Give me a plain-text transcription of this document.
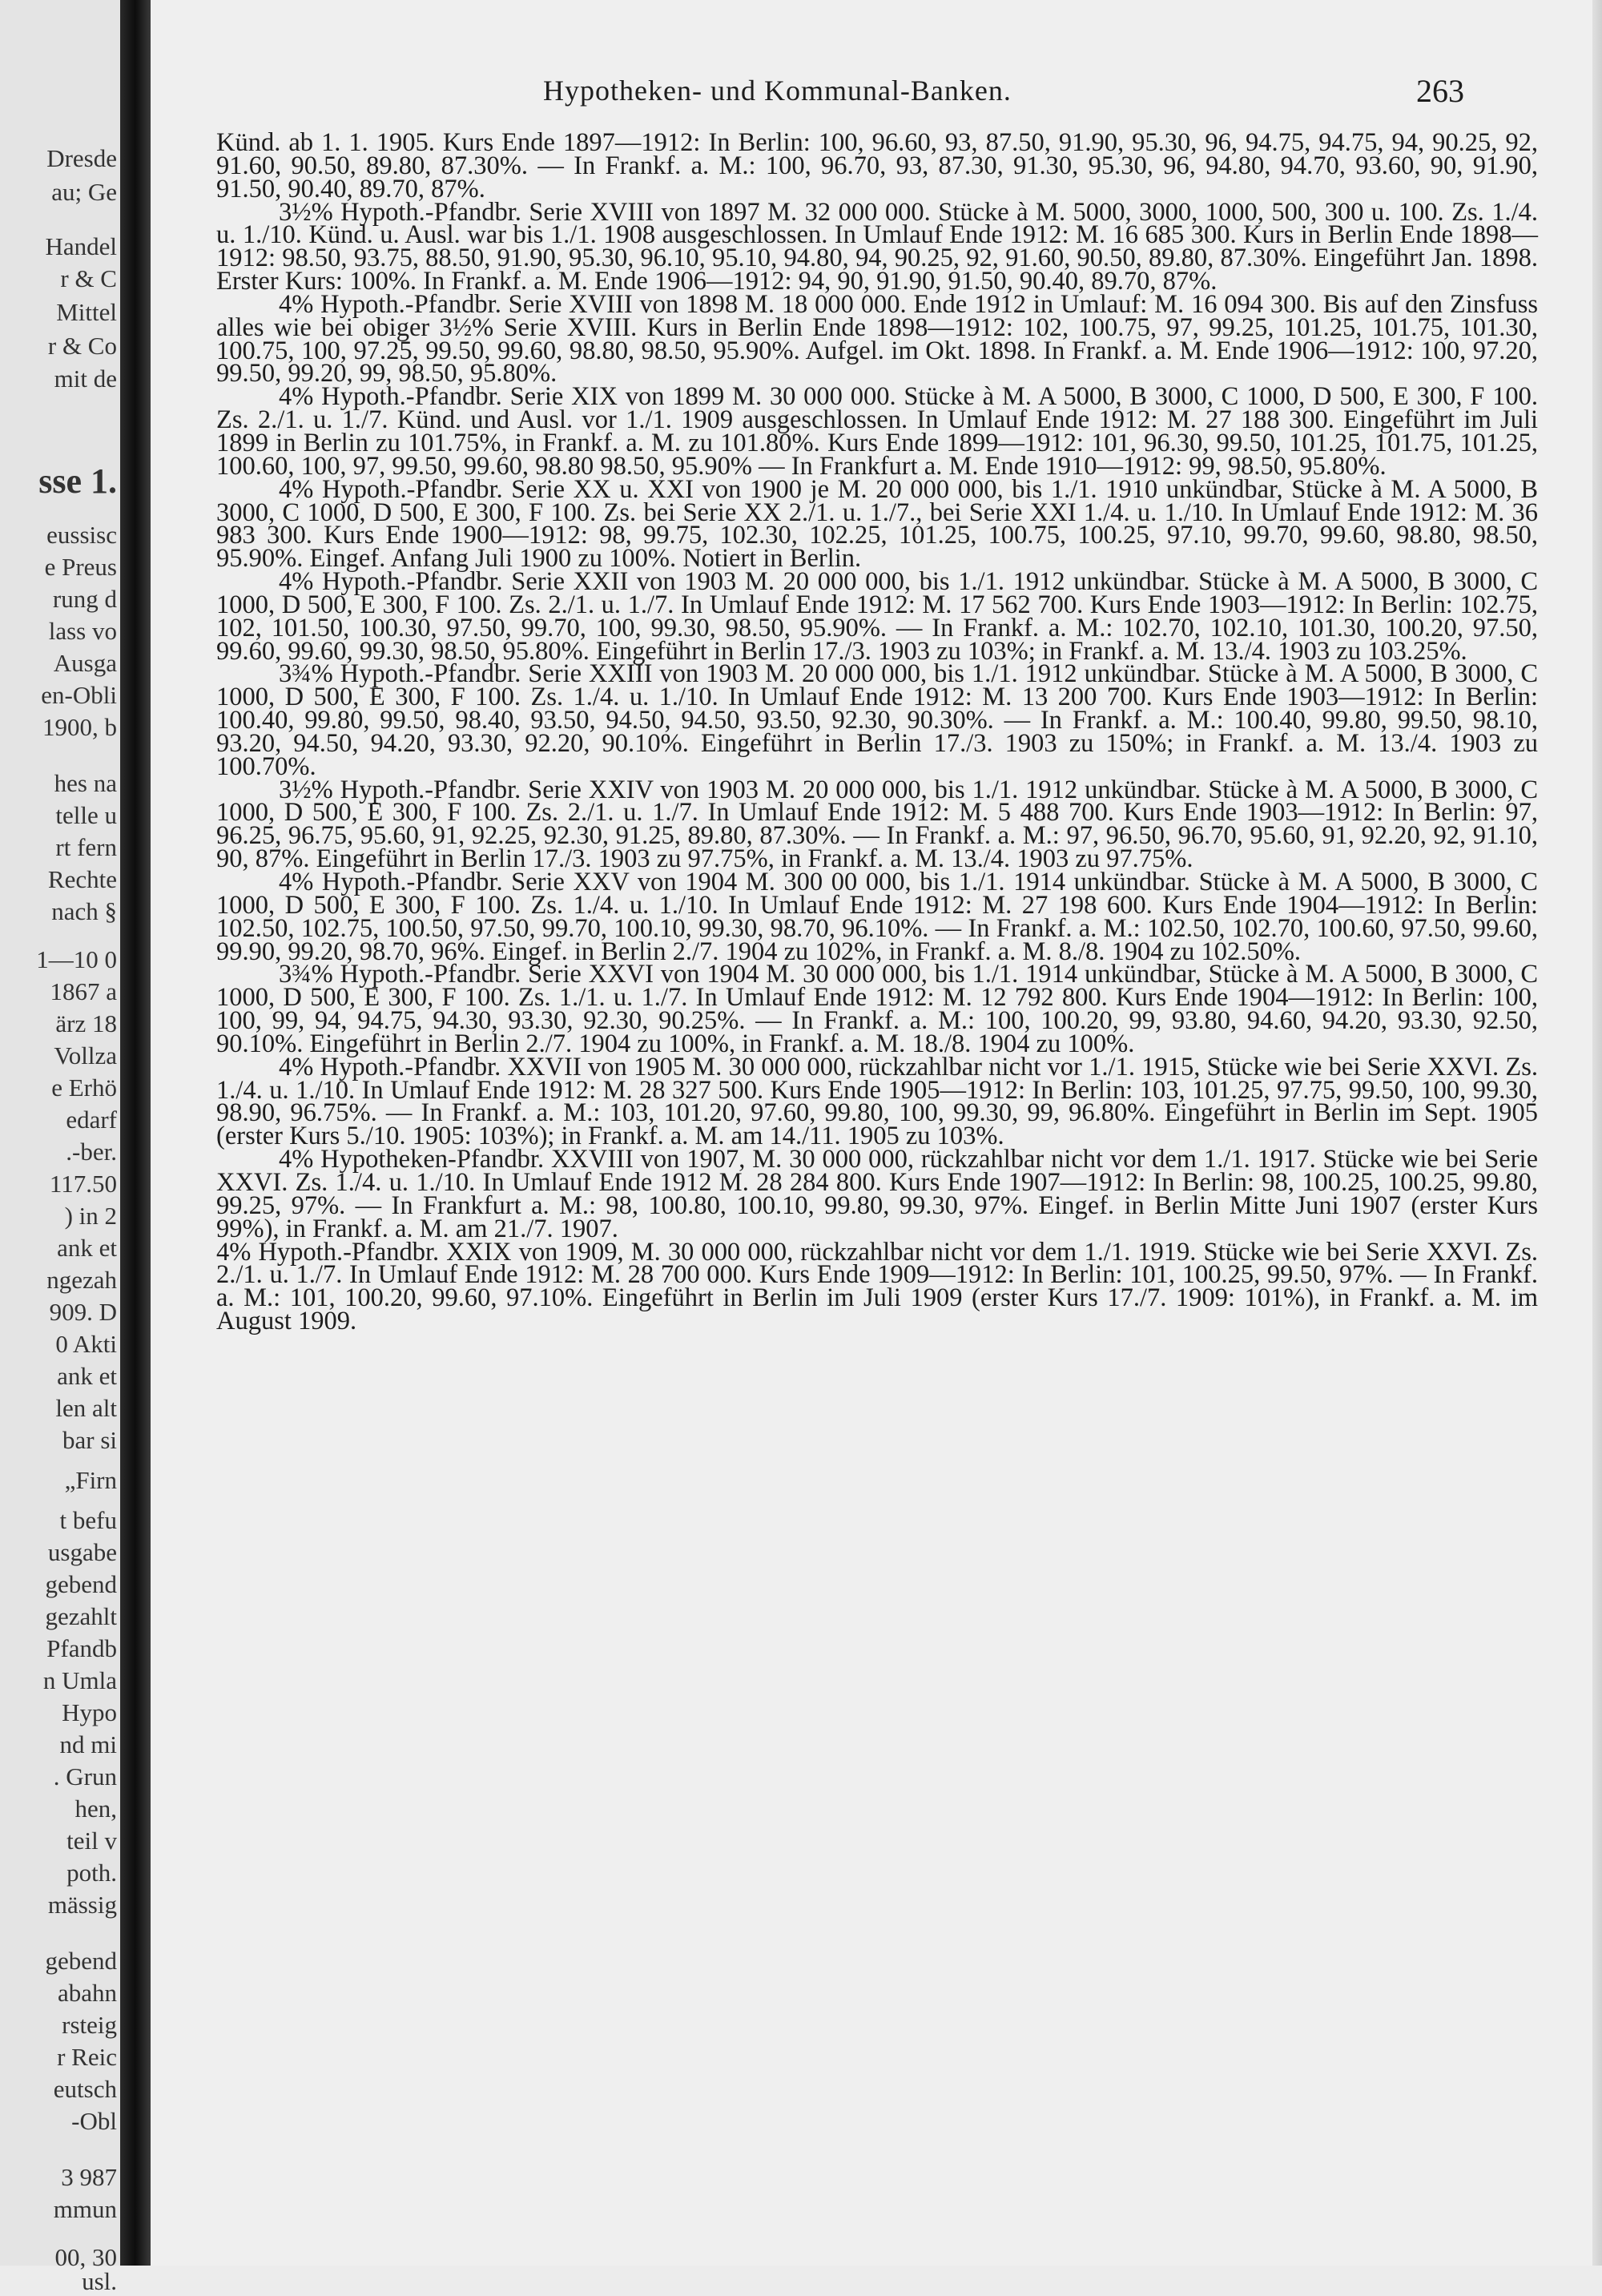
Dresde
au; Ge
Handel
r & C
Mittel
r & Co
mit de
sse 1.
eussisc
e Preus
rung d
lass vo
Ausga
en-Obli
1900, b
hes na
telle u
rt fern
Rechte
nach §
1—10 0
1867 a
ärz 18
Vollza
e Erhö
edarf
.-ber.
117.50
) in 2
ank et
ngezah
909. D
0 Akti
ank et
len alt
bar si
„Firn
t befu
usgabe
gebend
gezahlt
Pfandb
n Umla
Hypo
nd mi
. Grun
hen,
teil v
poth.
mässig
gebend
abahn
rsteig
r Reic
eutsch
-Obl
3 987
mmun
00, 30
usl.
Hypotheken- und Kommunal-Banken.	263

Künd. ab 1. 1. 1905. Kurs Ende 1897—1912: In Berlin: 100, 96.60, 93, 87.50, 91.90, 95.30, 96, 94.75, 94.75, 94, 90.25, 92, 91.60, 90.50, 89.80, 87.30%. — In Frankf. a. M.: 100, 96.70, 93, 87.30, 91.30, 95.30, 96, 94.80, 94.70, 93.60, 90, 91.90, 91.50, 90.40, 89.70, 87%.

3½% Hypoth.-Pfandbr. Serie XVIII von 1897 M. 32 000 000. Stücke à M. 5000, 3000, 1000, 500, 300 u. 100. Zs. 1./4. u. 1./10. Künd. u. Ausl. war bis 1./1. 1908 ausgeschlossen. In Umlauf Ende 1912: M. 16 685 300. Kurs in Berlin Ende 1898—1912: 98.50, 93.75, 88.50, 91.90, 95.30, 96.10, 95.10, 94.80, 94, 90.25, 92, 91.60, 90.50, 89.80, 87.30%. Eingeführt Jan. 1898. Erster Kurs: 100%. In Frankf. a. M. Ende 1906—1912: 94, 90, 91.90, 91.50, 90.40, 89.70, 87%.

4% Hypoth.-Pfandbr. Serie XVIII von 1898 M. 18 000 000. Ende 1912 in Umlauf: M. 16 094 300. Bis auf den Zinsfuss alles wie bei obiger 3½% Serie XVIII. Kurs in Berlin Ende 1898—1912: 102, 100.75, 97, 99.25, 101.25, 101.75, 101.30, 100.75, 100, 97.25, 99.50, 99.60, 98.80, 98.50, 95.90%. Aufgel. im Okt. 1898. In Frankf. a. M. Ende 1906—1912: 100, 97.20, 99.50, 99.20, 99, 98.50, 95.80%.

4% Hypoth.-Pfandbr. Serie XIX von 1899 M. 30 000 000. Stücke à M. A 5000, B 3000, C 1000, D 500, E 300, F 100. Zs. 2./1. u. 1./7. Künd. und Ausl. vor 1./1. 1909 ausgeschlossen. In Umlauf Ende 1912: M. 27 188 300. Eingeführt im Juli 1899 in Berlin zu 101.75%, in Frankf. a. M. zu 101.80%. Kurs Ende 1899—1912: 101, 96.30, 99.50, 101.25, 101.75, 101.25, 100.60, 100, 97, 99.50, 99.60, 98.80 98.50, 95.90% — In Frankfurt a. M. Ende 1910—1912: 99, 98.50, 95.80%.

4% Hypoth.-Pfandbr. Serie XX u. XXI von 1900 je M. 20 000 000, bis 1./1. 1910 unkündbar, Stücke à M. A 5000, B 3000, C 1000, D 500, E 300, F 100. Zs. bei Serie XX 2./1. u. 1./7., bei Serie XXI 1./4. u. 1./10. In Umlauf Ende 1912: M. 36 983 300. Kurs Ende 1900—1912: 98, 99.75, 102.30, 102.25, 101.25, 100.75, 100.25, 97.10, 99.70, 99.60, 98.80, 98.50, 95.90%. Eingef. Anfang Juli 1900 zu 100%. Notiert in Berlin.

4% Hypoth.-Pfandbr. Serie XXII von 1903 M. 20 000 000, bis 1./1. 1912 unkündbar. Stücke à M. A 5000, B 3000, C 1000, D 500, E 300, F 100. Zs. 2./1. u. 1./7. In Umlauf Ende 1912: M. 17 562 700. Kurs Ende 1903—1912: In Berlin: 102.75, 102, 101.50, 100.30, 97.50, 99.70, 100, 99.30, 98.50, 95.90%. — In Frankf. a. M.: 102.70, 102.10, 101.30, 100.20, 97.50, 99.60, 99.60, 99.30, 98.50, 95.80%. Eingeführt in Berlin 17./3. 1903 zu 103%; in Frankf. a. M. 13./4. 1903 zu 103.25%.

3¾% Hypoth.-Pfandbr. Serie XXIII von 1903 M. 20 000 000, bis 1./1. 1912 unkündbar. Stücke à M. A 5000, B 3000, C 1000, D 500, E 300, F 100. Zs. 1./4. u. 1./10. In Umlauf Ende 1912: M. 13 200 700. Kurs Ende 1903—1912: In Berlin: 100.40, 99.80, 99.50, 98.40, 93.50, 94.50, 94.50, 93.50, 92.30, 90.30%. — In Frankf. a. M.: 100.40, 99.80, 99.50, 98.10, 93.20, 94.50, 94.20, 93.30, 92.20, 90.10%. Eingeführt in Berlin 17./3. 1903 zu 150%; in Frankf. a. M. 13./4. 1903 zu 100.70%.

3½% Hypoth.-Pfandbr. Serie XXIV von 1903 M. 20 000 000, bis 1./1. 1912 unkündbar. Stücke à M. A 5000, B 3000, C 1000, D 500, E 300, F 100. Zs. 2./1. u. 1./7. In Umlauf Ende 1912: M. 5 488 700. Kurs Ende 1903—1912: In Berlin: 97, 96.25, 96.75, 95.60, 91, 92.25, 92.30, 91.25, 89.80, 87.30%. — In Frankf. a. M.: 97, 96.50, 96.70, 95.60, 91, 92.20, 92, 91.10, 90, 87%. Eingeführt in Berlin 17./3. 1903 zu 97.75%, in Frankf. a. M. 13./4. 1903 zu 97.75%.

4% Hypoth.-Pfandbr. Serie XXV von 1904 M. 300 00 000, bis 1./1. 1914 unkündbar. Stücke à M. A 5000, B 3000, C 1000, D 500, E 300, F 100. Zs. 1./4. u. 1./10. In Umlauf Ende 1912: M. 27 198 600. Kurs Ende 1904—1912: In Berlin: 102.50, 102.75, 100.50, 97.50, 99.70, 100.10, 99.30, 98.70, 96.10%. — In Frankf. a. M.: 102.50, 102.70, 100.60, 97.50, 99.60, 99.90, 99.20, 98.70, 96%. Eingef. in Berlin 2./7. 1904 zu 102%, in Frankf. a. M. 8./8. 1904 zu 102.50%.

3¾% Hypoth.-Pfandbr. Serie XXVI von 1904 M. 30 000 000, bis 1./1. 1914 unkündbar, Stücke à M. A 5000, B 3000, C 1000, D 500, E 300, F 100. Zs. 1./1. u. 1./7. In Umlauf Ende 1912: M. 12 792 800. Kurs Ende 1904—1912: In Berlin: 100, 100, 99, 94, 94.75, 94.30, 93.30, 92.30, 90.25%. — In Frankf. a. M.: 100, 100.20, 99, 93.80, 94.60, 94.20, 93.30, 92.50, 90.10%. Eingeführt in Berlin 2./7. 1904 zu 100%, in Frankf. a. M. 18./8. 1904 zu 100%.

4% Hypoth.-Pfandbr. XXVII von 1905 M. 30 000 000, rückzahlbar nicht vor 1./1. 1915, Stücke wie bei Serie XXVI. Zs. 1./4. u. 1./10. In Umlauf Ende 1912: M. 28 327 500. Kurs Ende 1905—1912: In Berlin: 103, 101.25, 97.75, 99.50, 100, 99.30, 98.90, 96.75%. — In Frankf. a. M.: 103, 101.20, 97.60, 99.80, 100, 99.30, 99, 96.80%. Eingeführt in Berlin im Sept. 1905 (erster Kurs 5./10. 1905: 103%); in Frankf. a. M. am 14./11. 1905 zu 103%.

4% Hypotheken-Pfandbr. XXVIII von 1907, M. 30 000 000, rückzahlbar nicht vor dem 1./1. 1917. Stücke wie bei Serie XXVI. Zs. 1./4. u. 1./10. In Umlauf Ende 1912 M. 28 284 800. Kurs Ende 1907—1912: In Berlin: 98, 100.25, 100.25, 99.80, 99.25, 97%. — In Frankfurt a. M.: 98, 100.80, 100.10, 99.80, 99.30, 97%. Eingef. in Berlin Mitte Juni 1907 (erster Kurs 99%), in Frankf. a. M. am 21./7. 1907.

4% Hypoth.-Pfandbr. XXIX von 1909, M. 30 000 000, rückzahlbar nicht vor dem 1./1. 1919. Stücke wie bei Serie XXVI. Zs. 2./1. u. 1./7. In Umlauf Ende 1912: M. 28 700 000. Kurs Ende 1909—1912: In Berlin: 101, 100.25, 99.50, 97%. — In Frankf. a. M.: 101, 100.20, 99.60, 97.10%. Eingeführt in Berlin im Juli 1909 (erster Kurs 17./7. 1909: 101%), in Frankf. a. M. im August 1909.
